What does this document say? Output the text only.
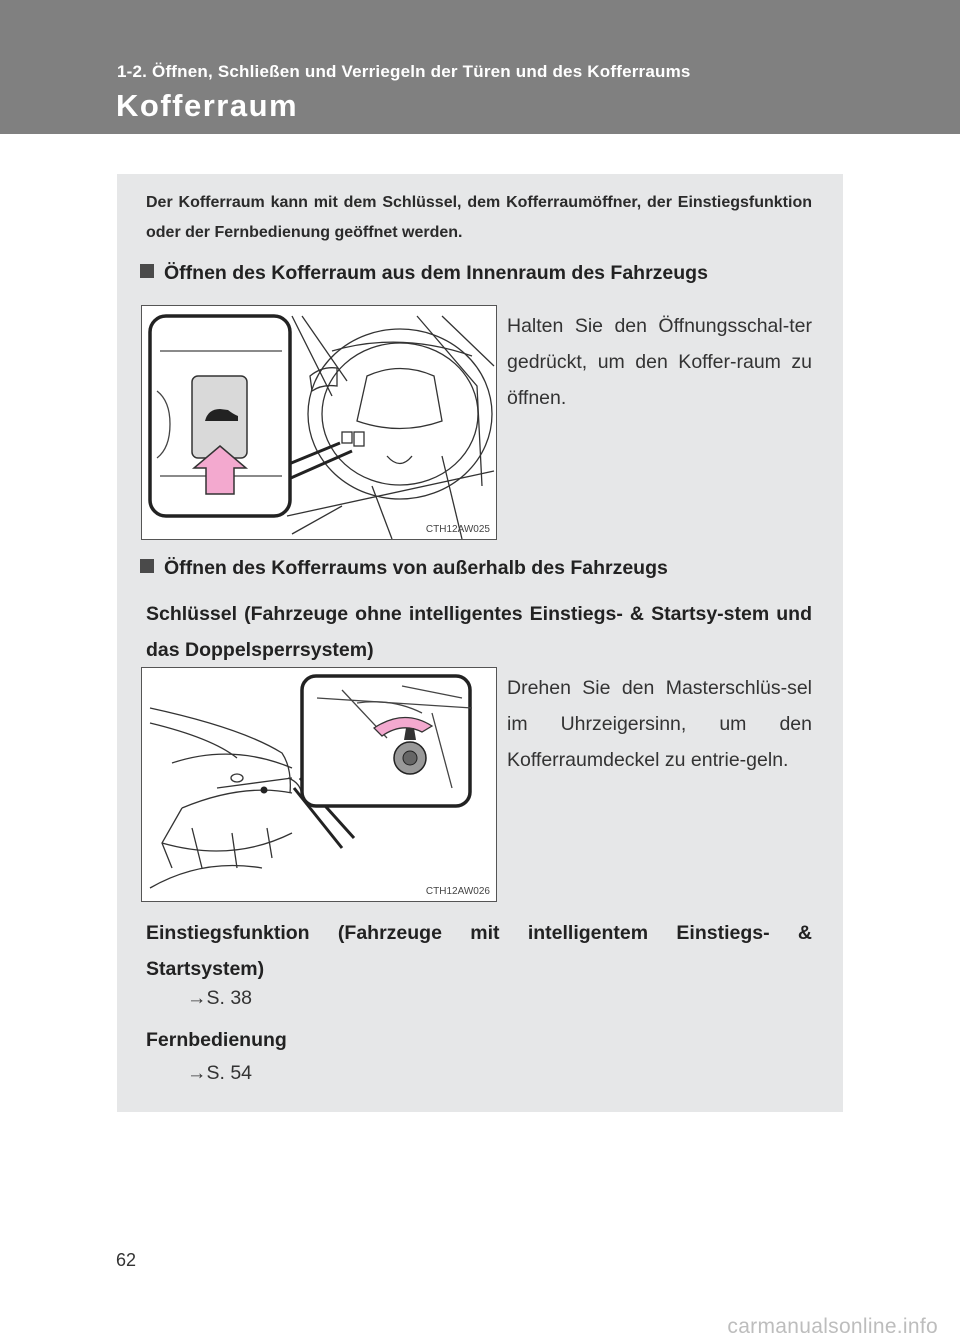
1-2. Öffnen, Schließen und Verriegeln der Türen und des Kofferraums
Kofferraum
Der Kofferraum kann mit dem Schlüssel, dem Kofferraumöffner, der Einstiegsfunktion oder der Fernbedienung geöffnet werden.
Öffnen des Kofferraum aus dem Innenraum des Fahrzeugs
CTH12AW025
Halten Sie den Öffnungsschal-ter gedrückt, um den Koffer-raum zu öffnen.
Öffnen des Kofferraums von außerhalb des Fahrzeugs
Schlüssel (Fahrzeuge ohne intelligentes Einstiegs- & Startsy-stem und das Doppelsperrsystem)
CTH12AW026
Drehen Sie den Masterschlüs-sel im Uhrzeigersinn, um den Kofferraumdeckel zu entrie-geln.
Einstiegsfunktion (Fahrzeuge mit intelligentem Einstiegs- & Startsystem)
→S. 38
Fernbedienung
→S. 54
62
carmanualsonline.info
